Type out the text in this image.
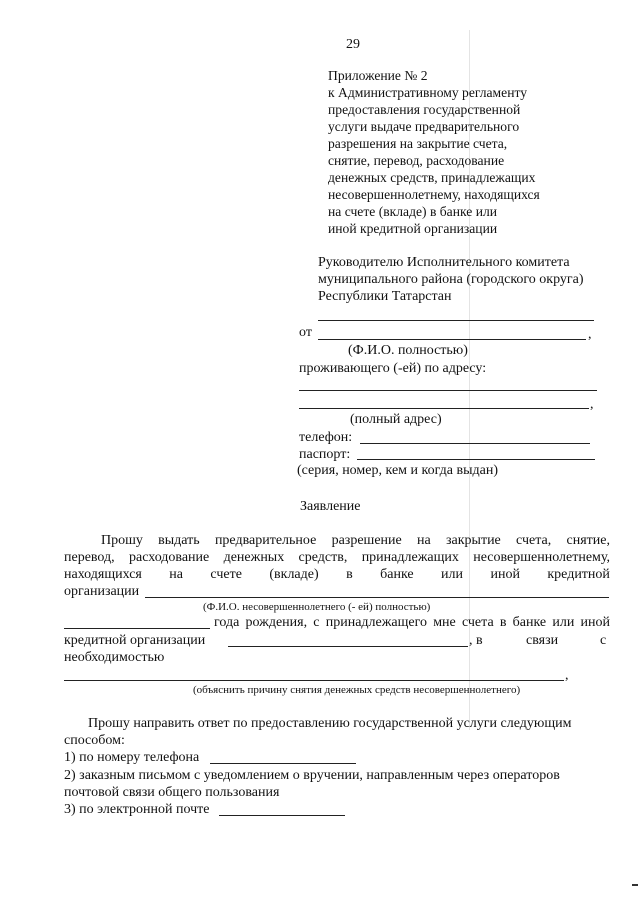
29
Приложение № 2
к Административному регламенту
предоставления государственной
услуги выдаче предварительного
разрешения на закрытие счета,
снятие, перевод, расходование
денежных средств, принадлежащих
несовершеннолетнему, находящихся
на счете (вкладе) в банке или
иной кредитной организации
Руководителю Исполнительного комитета
муниципального района (городского округа)
Республики Татарстан
от	,
(Ф.И.О. полностью)
проживающего (-ей) по адресу:
,
(полный адрес)
телефон:
паспорт:
(серия, номер, кем и когда выдан)
Заявление
Прошу выдать предварительное разрешение на закрытие счета, снятие,
перевод, расходование денежных средств, принадлежащих несовершеннолетнему,
находящихся на счете (вкладе) в банке или иной кредитной
организации
(Ф.И.О. несовершеннолетнего (- ей) полностью)
года рождения, с принадлежащего мне счета в банке или иной
кредитной организации	, в	связи	с
необходимостью
,
(объяснить причину снятия денежных средств несовершеннолетнего)
Прошу направить ответ по предоставлению государственной услуги следующим
способом:
1) по номеру телефона
2) заказным письмом с уведомлением о вручении, направленным через операторов
почтовой связи общего пользования
3) по электронной почте
